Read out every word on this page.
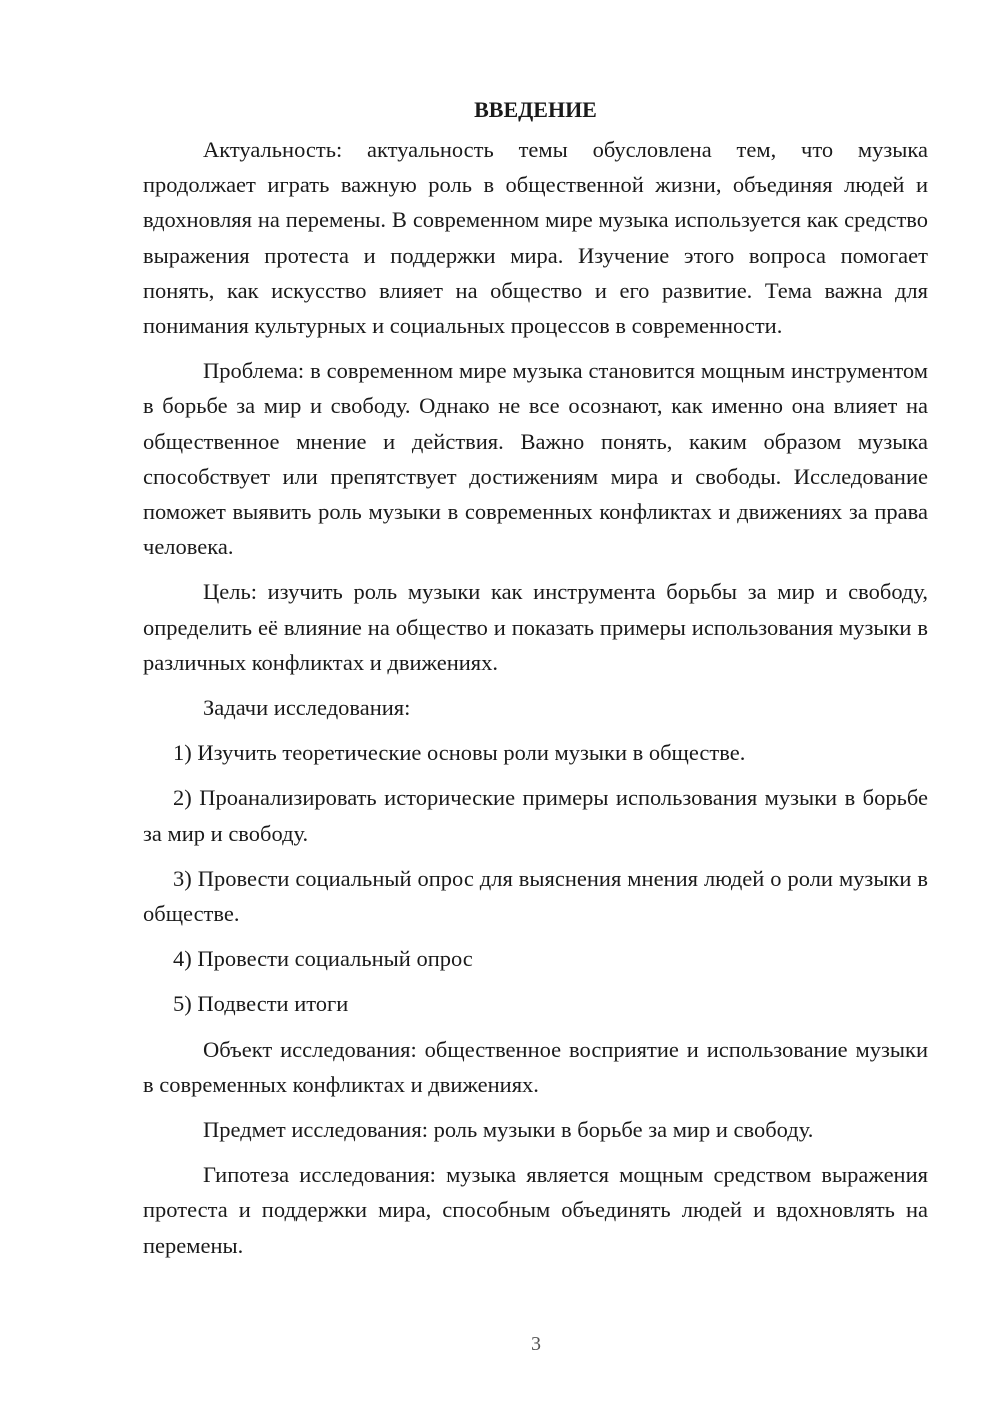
ВВЕДЕНИЕ

Актуальность: актуальность темы обусловлена тем, что музыка продолжает играть важную роль в общественной жизни, объединяя людей и вдохновляя на перемены. В современном мире музыка используется как средство выражения протеста и поддержки мира. Изучение этого вопроса помогает понять, как искусство влияет на общество и его развитие. Тема важна для понимания культурных и социальных процессов в современности.

Проблема: в современном мире музыка становится мощным инструментом в борьбе за мир и свободу. Однако не все осознают, как именно она влияет на общественное мнение и действия. Важно понять, каким образом музыка способствует или препятствует достижениям мира и свободы. Исследование поможет выявить роль музыки в современных конфликтах и движениях за права человека.

Цель: изучить роль музыки как инструмента борьбы за мир и свободу, определить её влияние на общество и показать примеры использования музыки в различных конфликтах и движениях.

Задачи исследования:

1) Изучить теоретические основы роли музыки в обществе.

2) Проанализировать исторические примеры использования музыки в борьбе за мир и свободу.

3) Провести социальный опрос для выяснения мнения людей о роли музыки в обществе.

4) Провести социальный опрос

5) Подвести итоги

Объект исследования: общественное восприятие и использование музыки в современных конфликтах и движениях.

Предмет исследования: роль музыки в борьбе за мир и свободу.

Гипотеза исследования: музыка является мощным средством выражения протеста и поддержки мира, способным объединять людей и вдохновлять на перемены.

3
